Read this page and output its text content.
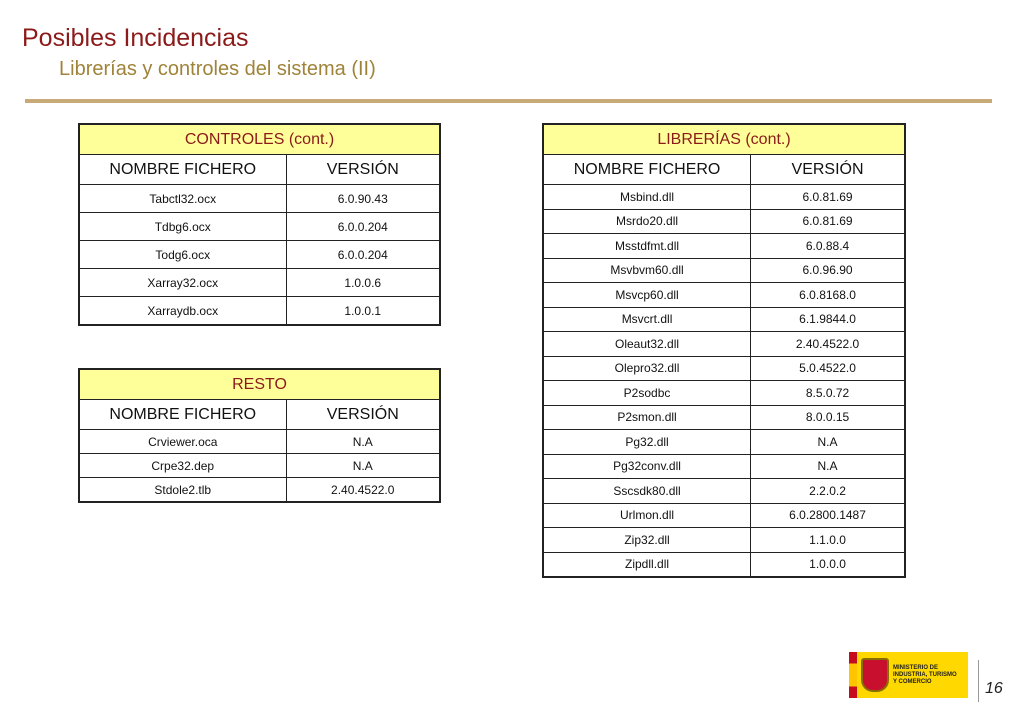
Posibles Incidencias
Librerías y controles del sistema (II)
CONTROLES (cont.)	
NOMBRE FICHERO	VERSIÓN
Tabctl32.ocx	6.0.90.43
Tdbg6.ocx	6.0.0.204
Todg6.ocx	6.0.0.204
Xarray32.ocx	1.0.0.6
Xarraydb.ocx	1.0.0.1
RESTO	
NOMBRE FICHERO	VERSIÓN
Crviewer.oca	N.A
Crpe32.dep	N.A
Stdole2.tlb	2.40.4522.0
LIBRERÍAS (cont.)	
NOMBRE FICHERO	VERSIÓN
Msbind.dll	6.0.81.69
Msrdo20.dll	6.0.81.69
Msstdfmt.dll	6.0.88.4
Msvbvm60.dll	6.0.96.90
Msvcp60.dll	6.0.8168.0
Msvcrt.dll	6.1.9844.0
Oleaut32.dll	2.40.4522.0
Olepro32.dll	5.0.4522.0
P2sodbc	8.5.0.72
P2smon.dll	8.0.0.15
Pg32.dll	N.A
Pg32conv.dll	N.A
Sscsdk80.dll	2.2.0.2
Urlmon.dll	6.0.2800.1487
Zip32.dll	1.1.0.0
Zipdll.dll	1.0.0.0
MINISTERIO DE INDUSTRIA, TURISMO Y COMERCIO	16
